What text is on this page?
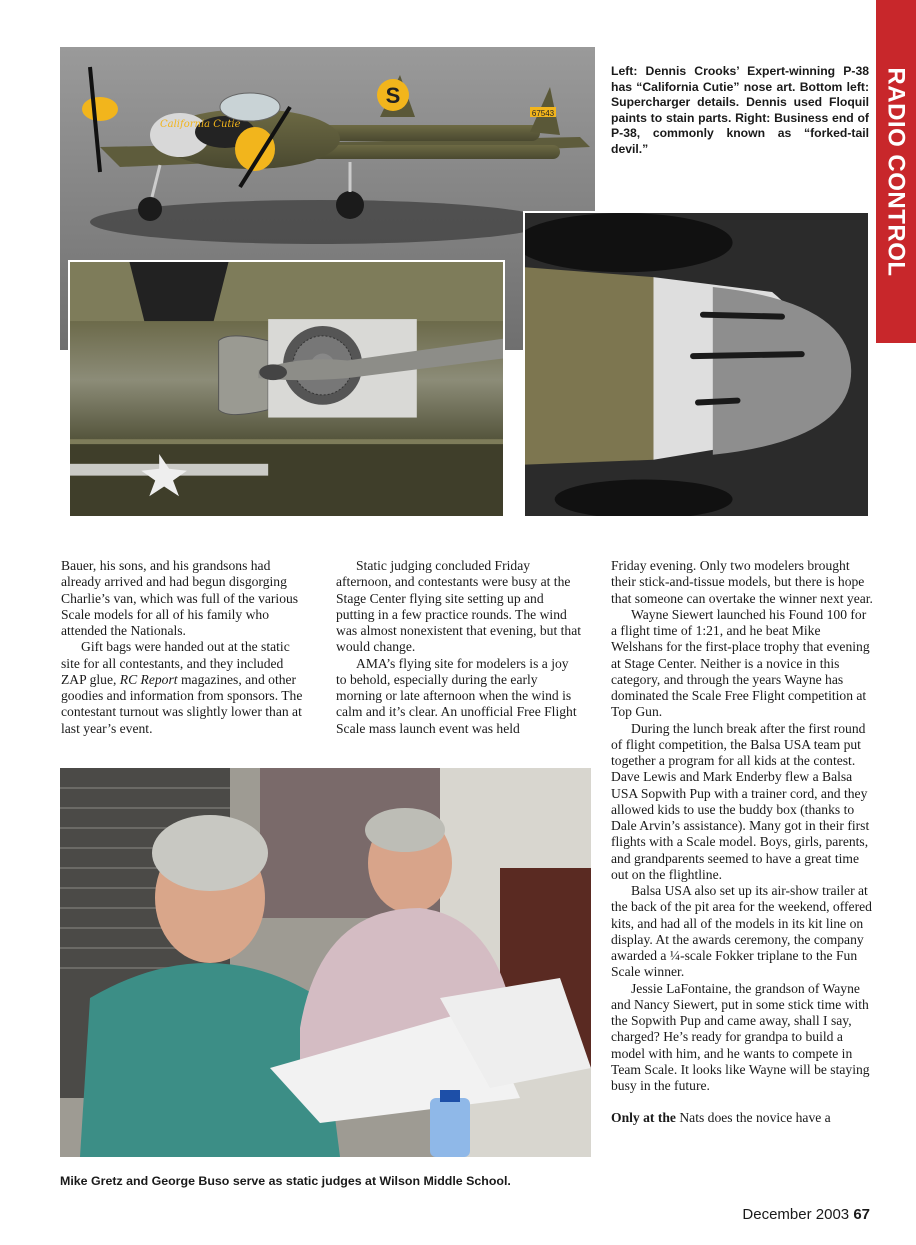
RADIO CONTROL
S
67543
California Cutie
Left: Dennis Crooks’ Expert-winning P-38 has “California Cutie” nose art. Bottom left: Supercharger details. Dennis used Floquil paints to stain parts. Right: Business end of P-38, commonly known as “forked-tail devil.”

Bauer, his sons, and his grandsons had already arrived and had begun disgorging Charlie’s van, which was full of the various Scale models for all of his family who attended the Nationals.

Gift bags were handed out at the static site for all contestants, and they included ZAP glue, RC Report magazines, and other goodies and information from sponsors. The contestant turnout was slightly lower than at last year’s event.

Static judging concluded Friday afternoon, and contestants were busy at the Stage Center flying site setting up and putting in a few practice rounds. The wind was almost nonexistent that evening, but that would change.

AMA’s flying site for modelers is a joy to behold, especially during the early morning or late afternoon when the wind is calm and it’s clear. An unofficial Free Flight Scale mass launch event was held

Mike Gretz and George Buso serve as static judges at Wilson Middle School.

Friday evening. Only two modelers brought their stick-and-tissue models, but there is hope that someone can overtake the winner next year.

Wayne Siewert launched his Found 100 for a flight time of 1:21, and he beat Mike Welshans for the first-place trophy that evening at Stage Center. Neither is a novice in this category, and through the years Wayne has dominated the Scale Free Flight competition at Top Gun.

During the lunch break after the first round of flight competition, the Balsa USA team put together a program for all kids at the contest. Dave Lewis and Mark Enderby flew a Balsa USA Sopwith Pup with a trainer cord, and they allowed kids to use the buddy box (thanks to Dale Arvin’s assistance). Many got in their first flights with a Scale model. Boys, girls, parents, and grandparents seemed to have a great time out on the flightline.

Balsa USA also set up its air-show trailer at the back of the pit area for the weekend, offered kits, and had all of the models in its kit line on display. At the awards ceremony, the company awarded a ¼-scale Fokker triplane to the Fun Scale winner.

Jessie LaFontaine, the grandson of Wayne and Nancy Siewert, put in some stick time with the Sopwith Pup and came away, shall I say, charged? He’s ready for grandpa to build a model with him, and he wants to compete in Team Scale. It looks like Wayne will be staying busy in the future.

Only at the Nats does the novice have a

December 2003 67
